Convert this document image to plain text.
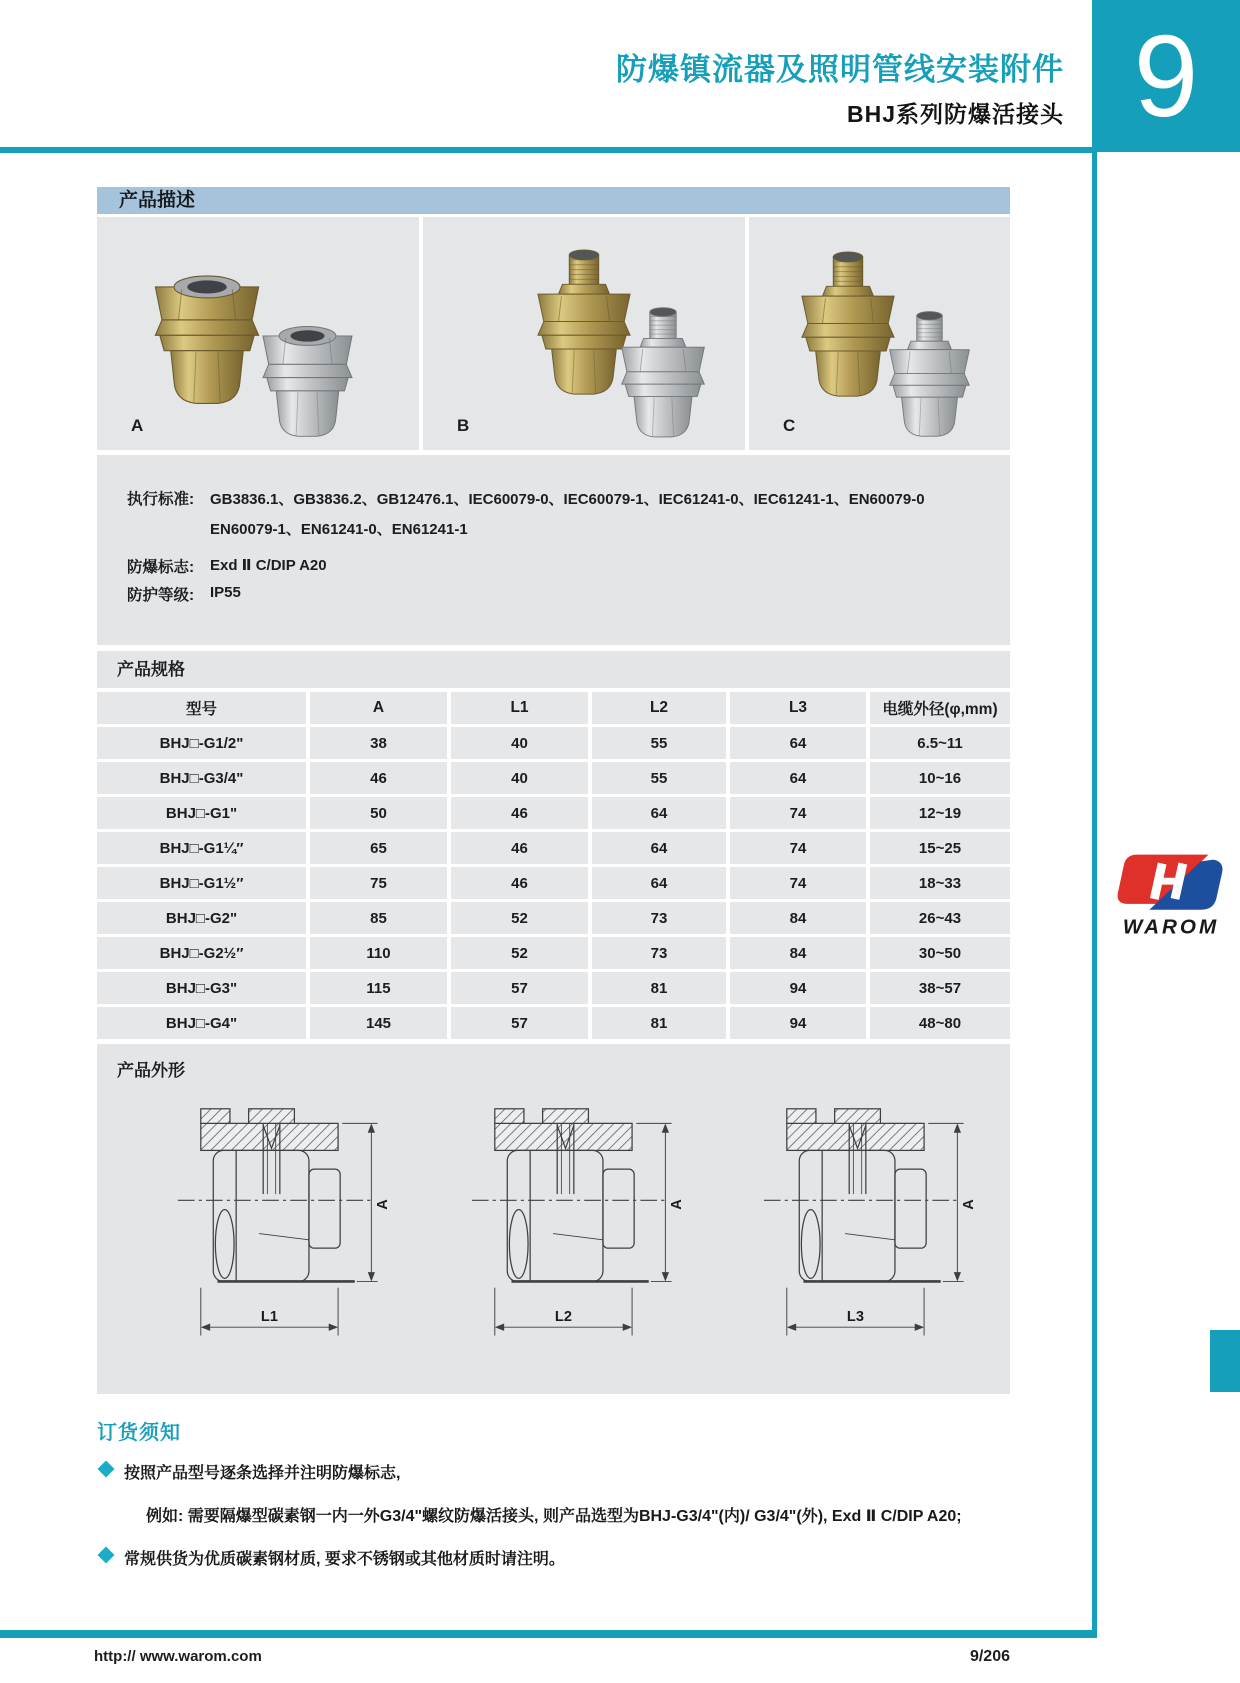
9
防爆镇流器及照明管线安装附件
BHJ系列防爆活接头
产品描述
A	B	C
执行标准: GB3836.1、GB3836.2、GB12476.1、IEC60079-0、IEC60079-1、IEC61241-0、IEC61241-1、EN60079-0
EN60079-1、EN61241-0、EN61241-1
防爆标志: Exd Ⅱ C/DIP A20
防护等级: IP55
产品规格
型号	A	L1	L2	L3	电缆外径(φ,mm)
BHJ□-G1/2"	38	40	55	64	6.5~11
BHJ□-G3/4"	46	40	55	64	10~16
BHJ□-G1"	50	46	64	74	12~19
BHJ□-G1¼″	65	46	64	74	15~25
BHJ□-G1½″	75	46	64	74	18~33
BHJ□-G2"	85	52	73	84	26~43
BHJ□-G2½″	110	52	73	84	30~50
BHJ□-G3"	115	57	81	94	38~57
BHJ□-G4"	145	57	81	94	48~80
产品外形
A
L1
A
L2
A
L3
订货须知
按照产品型号逐条选择并注明防爆标志,
例如: 需要隔爆型碳素钢一内一外G3/4"螺纹防爆活接头, 则产品选型为BHJ-G3/4"(内)/ G3/4"(外), Exd Ⅱ C/DIP A20;
常规供货为优质碳素钢材质, 要求不锈钢或其他材质时请注明。
WAROM
http:// www.warom.com	9/206
